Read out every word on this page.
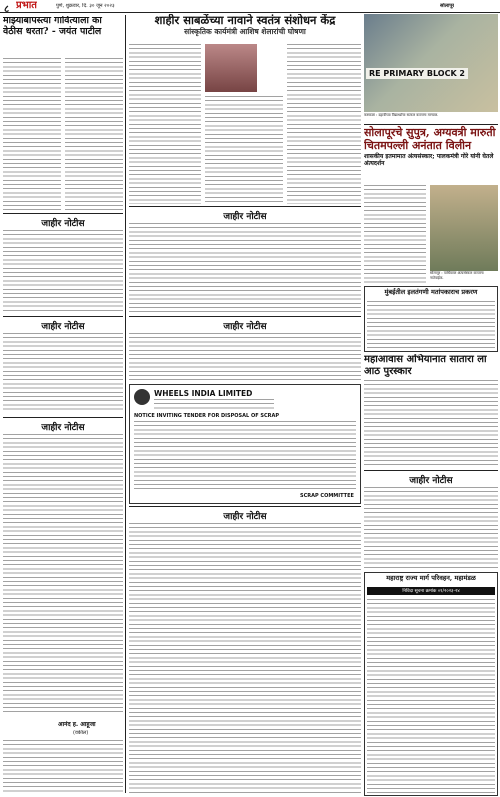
८ प्रभात	पुणे, शुक्रवार, दि. ३० जून २०२३	सोलापूर
माझ्याबापस्त्या गावित्याला का वेठीस धरता? - जयंत पाटील
जाहीर नोटीस
जाहीर नोटीस
जाहीर नोटीस
आनंद ह. आहूजा
(वकील)
शाहीर साबळेंच्या नावाने स्वतंत्र संशोधन केंद्र
सांस्कृतिक कार्यमंत्री आशिष शेलारांची घोषणा
जाहीर नोटीस
जाहीर नोटीस
WHEELS INDIA LIMITED
NOTICE INVITING TENDER FOR DISPOSAL OF SCRAP
SCRAP COMMITTEE
जाहीर नोटीस
RE PRIMARY BLOCK 2
करमाळा : दहावीच्या विद्यार्थ्यांचा सत्कार करताना मान्यवर.
सोलापूरचे सुपुत्र, अग्यवत्री मारुती चितमपल्ली अनंतात विलीन
शासकीय इतमामात अंत्यसंस्कार; पालकमंत्री गोरे यांनी घेतले अंत्यदर्शन
सोलापूर : पार्थिवावर अंत्यसंस्कार करताना नातेवाईक.
मुंबईतील इलतंगणी मतांपकाराच प्रकरण
महाआवास अभियानात सातारा ला आठ पुरस्कार
जाहीर नोटीस
महाराष्ट्र राज्य मार्ग परिवहन, महामंडळ
निविदा सूचना क्रमांक ०१/२०२३-२४
